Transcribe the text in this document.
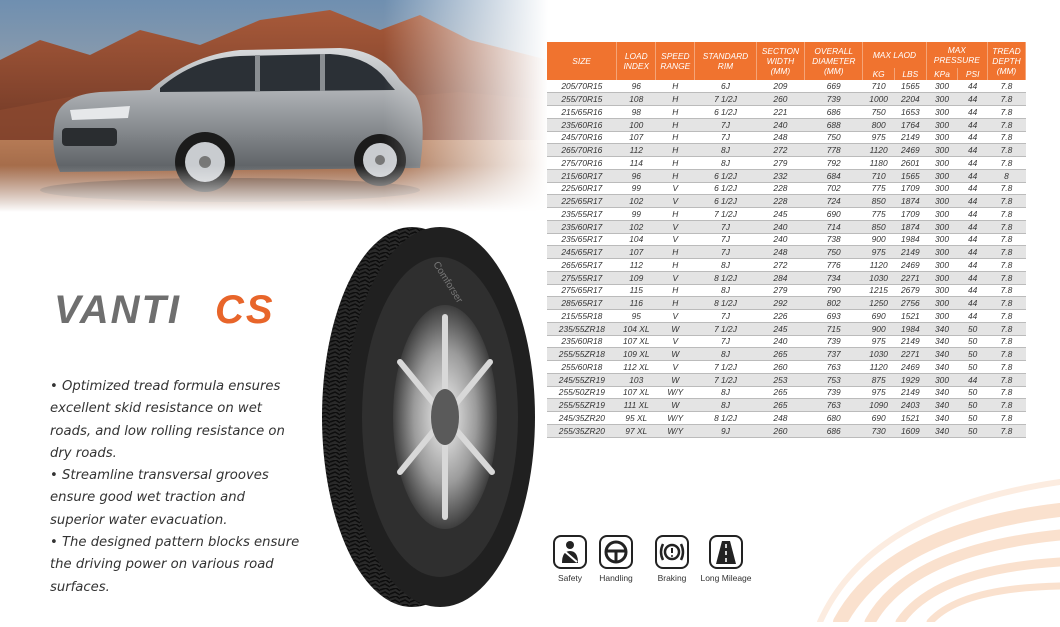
Comforser
VANTI CS
• Optimized tread formula ensures excellent skid resistance on wet roads, and low rolling resistance on dry roads.
• Streamline transversal grooves ensure good wet traction and superior water evacuation.
• The designed pattern blocks ensure the driving power on various road surfaces.
SIZE	LOAD INDEX	SPEED RANGE	STANDARD RIM	SECTION WIDTH (MM)	OVERALL DIAMETER (MM)	MAX LAOD		MAX PRESSURE		TREAD DEPTH (MM)
						KG	LBS	KPa	PSI	
205/70R15	96	H	6J	209	669	710	1565	300	44	7.8
255/70R15	108	H	7 1/2J	260	739	1000	2204	300	44	7.8
215/65R16	98	H	6 1/2J	221	686	750	1653	300	44	7.8
235/60R16	100	H	7J	240	688	800	1764	300	44	7.8
245/70R16	107	H	7J	248	750	975	2149	300	44	7.8
265/70R16	112	H	8J	272	778	1120	2469	300	44	7.8
275/70R16	114	H	8J	279	792	1180	2601	300	44	7.8
215/60R17	96	H	6 1/2J	232	684	710	1565	300	44	8
225/60R17	99	V	6 1/2J	228	702	775	1709	300	44	7.8
225/65R17	102	V	6 1/2J	228	724	850	1874	300	44	7.8
235/55R17	99	H	7 1/2J	245	690	775	1709	300	44	7.8
235/60R17	102	V	7J	240	714	850	1874	300	44	7.8
235/65R17	104	V	7J	240	738	900	1984	300	44	7.8
245/65R17	107	H	7J	248	750	975	2149	300	44	7.8
265/65R17	112	H	8J	272	776	1120	2469	300	44	7.8
275/55R17	109	V	8 1/2J	284	734	1030	2271	300	44	7.8
275/65R17	115	H	8J	279	790	1215	2679	300	44	7.8
285/65R17	116	H	8 1/2J	292	802	1250	2756	300	44	7.8
215/55R18	95	V	7J	226	693	690	1521	300	44	7.8
235/55ZR18	104 XL	W	7 1/2J	245	715	900	1984	340	50	7.8
235/60R18	107 XL	V	7J	240	739	975	2149	340	50	7.8
255/55ZR18	109 XL	W	8J	265	737	1030	2271	340	50	7.8
255/60R18	112 XL	V	7 1/2J	260	763	1120	2469	340	50	7.8
245/55ZR19	103	W	7 1/2J	253	753	875	1929	300	44	7.8
255/50ZR19	107 XL	W/Y	8J	265	739	975	2149	340	50	7.8
255/55ZR19	111 XL	W	8J	265	763	1090	2403	340	50	7.8
245/35ZR20	95 XL	W/Y	8 1/2J	248	680	690	1521	340	50	7.8
255/35ZR20	97 XL	W/Y	9J	260	686	730	1609	340	50	7.8
Safety	Handling	Braking	Long Mileage
